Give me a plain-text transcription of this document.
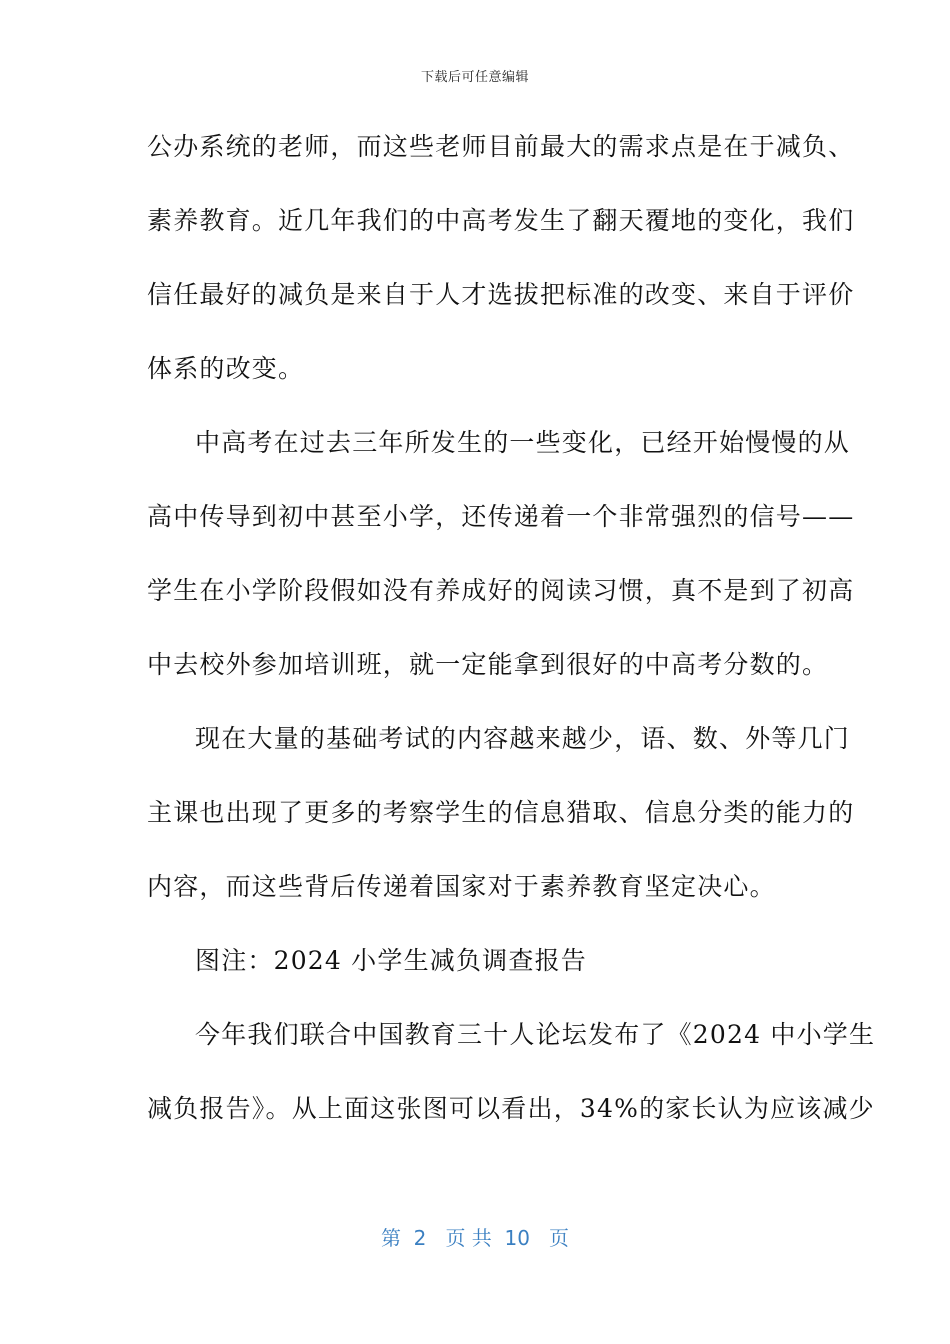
下载后可任意编辑
公办系统的老师，而这些老师目前最大的需求点是在于减负、
素养教育。近几年我们的中高考发生了翻天覆地的变化，我们
信任最好的减负是来自于人才选拔把标准的改变、来自于评价
体系的改变。
中高考在过去三年所发生的一些变化，已经开始慢慢的从
高中传导到初中甚至小学，还传递着一个非常强烈的信号——
学生在小学阶段假如没有养成好的阅读习惯，真不是到了初高
中去校外参加培训班，就一定能拿到很好的中高考分数的。
现在大量的基础考试的内容越来越少，语、数、外等几门
主课也出现了更多的考察学生的信息猎取、信息分类的能力的
内容，而这些背后传递着国家对于素养教育坚定决心。
图注：2024 小学生减负调查报告
今年我们联合中国教育三十人论坛发布了《2024 中小学生
减负报告》。从上面这张图可以看出，34%的家长认为应该减少
第  2   页 共  10   页
